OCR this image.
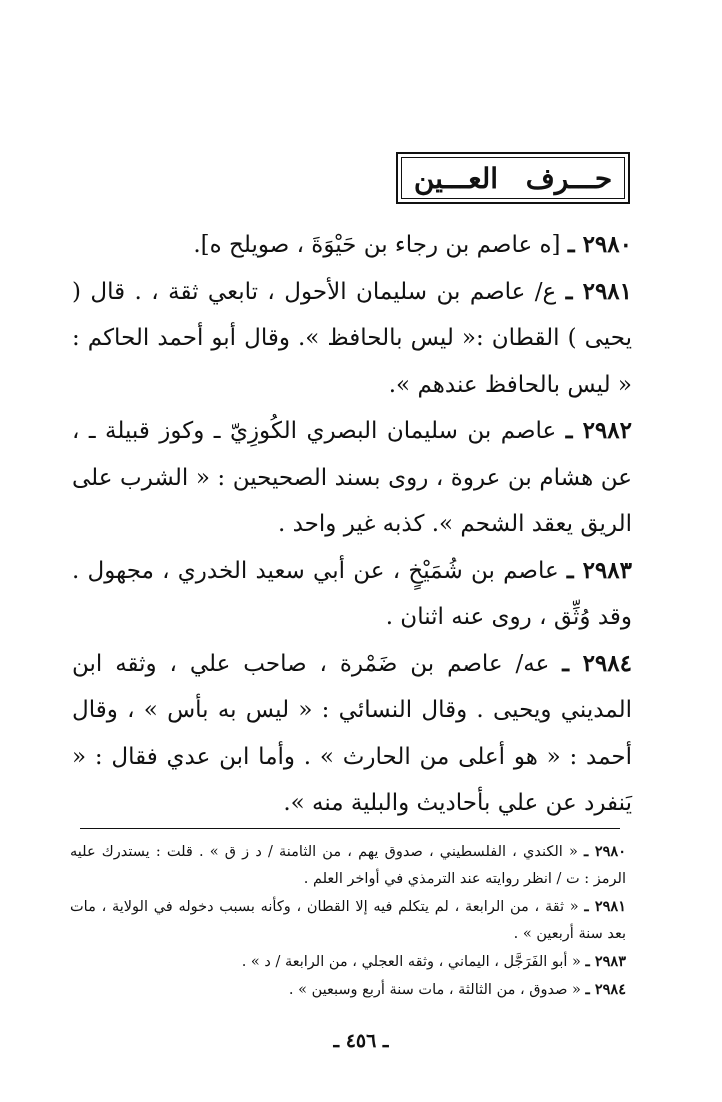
حـــرف العـــين

٢٩٨٠ ـ [ه عاصم بن رجاء بن حَيْوَةَ ، صويلح ه].

٢٩٨١ ـ ع/ عاصم بن سليمان الأحول ، تابعي ثقة ، . قال ( يحيى ) القطان :« ليس بالحافظ ». وقال أبو أحمد الحاكم : « ليس بالحافظ عندهم ».

٢٩٨٢ ـ عاصم بن سليمان البصري الكُوزِيّ ـ وكوز قبيلة ـ ، عن هشام بن عروة ، روى بسند الصحيحين : « الشرب على الريق يعقد الشحم ». كذبه غير واحد .

٢٩٨٣ ـ عاصم بن شُمَيْخٍ ، عن أبي سعيد الخدري ، مجهول . وقد وُثِّق ، روى عنه اثنان .

٢٩٨٤ ـ عه/ عاصم بن ضَمْرة ، صاحب علي ، وثقه ابن المديني ويحيى . وقال النسائي : « ليس به بأس » ، وقال أحمد : « هو أعلى من الحارث » . وأما ابن عدي فقال : « يَنفرد عن علي بأحاديث والبلية منه ».

٢٩٨٠ ـ « الكندي ، الفلسطيني ، صدوق يهم ، من الثامنة / د ز ق » . قلت : يستدرك عليه الرمز : ت / انظر روايته عند الترمذي في أواخر العلم .

٢٩٨١ ـ « ثقة ، من الرابعة ، لم يتكلم فيه إلا القطان ، وكأنه بسبب دخوله في الولاية ، مات بعد سنة أربعين » .

٢٩٨٣ ـ « أبو الفَرَجَّل ، اليماني ، وثقه العجلي ، من الرابعة / د » .

٢٩٨٤ ـ « صدوق ، من الثالثة ، مات سنة أربع وسبعين » .

ـ ٤٥٦ ـ
